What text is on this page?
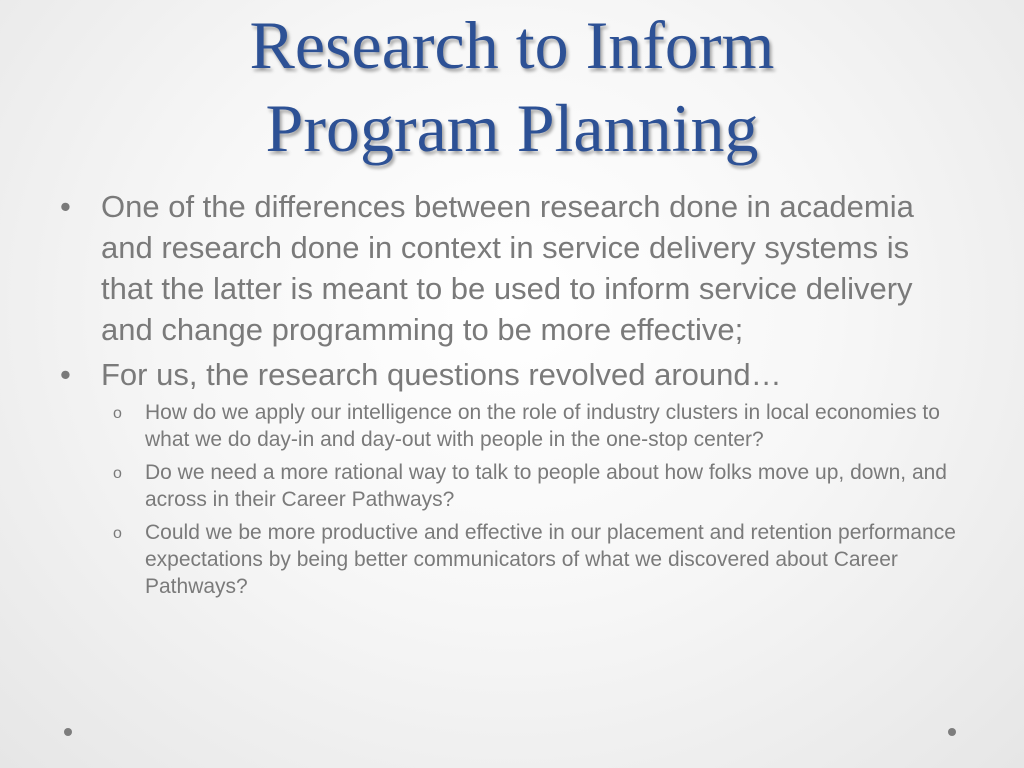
Research to Inform
Program Planning
• One of the differences between research done in academia and research done in context in service delivery systems is that the latter is meant to be used to inform service delivery and change programming to be more effective;
• For us, the research questions revolved around…
o How do we apply our intelligence on the role of industry clusters in local economies to what we do day-in and day-out with people in the one-stop center?
o Do we need a more rational way to talk to people about how folks move up, down, and across in their Career Pathways?
o Could we be more productive and effective in our placement and retention performance expectations by being better communicators of what we discovered about Career Pathways?
